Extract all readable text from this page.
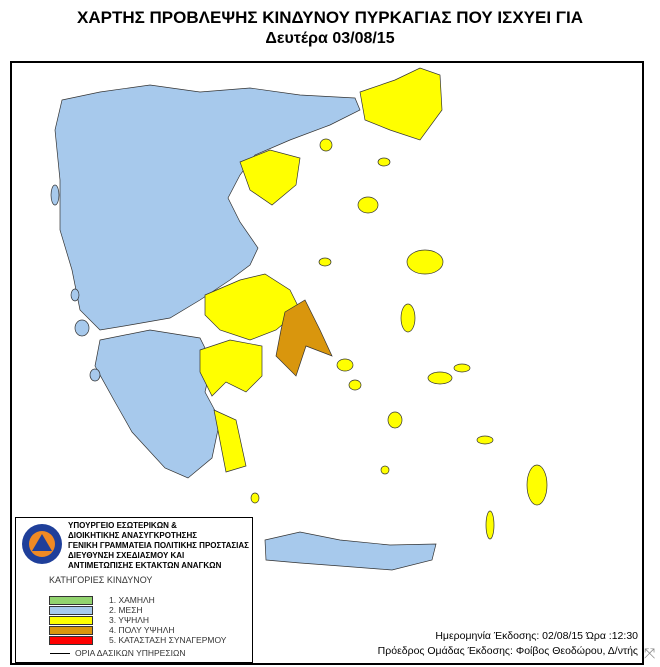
ΧΑΡΤΗΣ ΠΡΟΒΛΕΨΗΣ ΚΙΝΔΥΝΟΥ ΠΥΡΚΑΓΙΑΣ ΠΟΥ ΙΣΧΥΕΙ ΓΙΑ
Δευτέρα 03/08/15
ΥΠΟΥΡΓΕΙΟ ΕΣΩΤΕΡΙΚΩΝ &
ΔΙΟΙΚΗΤΙΚΗΣ ΑΝΑΣΥΓΚΡΟΤΗΣΗΣ
ΓΕΝΙΚΗ ΓΡΑΜΜΑΤΕΙΑ ΠΟΛΙΤΙΚΗΣ ΠΡΟΣΤΑΣΙΑΣ
ΔΙΕΥΘΥΝΣΗ ΣΧΕΔΙΑΣΜΟΥ ΚΑΙ
ΑΝΤΙΜΕΤΩΠΙΣΗΣ ΕΚΤΑΚΤΩΝ ΑΝΑΓΚΩΝ
ΚΑΤΗΓΟΡΙΕΣ ΚΙΝΔΥΝΟΥ
1. ΧΑΜΗΛΗ
2. ΜΕΣΗ
3. ΥΨΗΛΗ
4. ΠΟΛΥ ΥΨΗΛΗ
5. ΚΑΤΑΣΤΑΣΗ ΣΥΝΑΓΕΡΜΟΥ
ΟΡΙΑ ΔΑΣΙΚΩΝ ΥΠΗΡΕΣΙΩΝ
Ημερομηνία Έκδοσης: 02/08/15 Ώρα :12:30
Πρόεδρος Ομάδας Έκδοσης: Φοίβος Θεοδώρου, Δ/ντής ⤧
